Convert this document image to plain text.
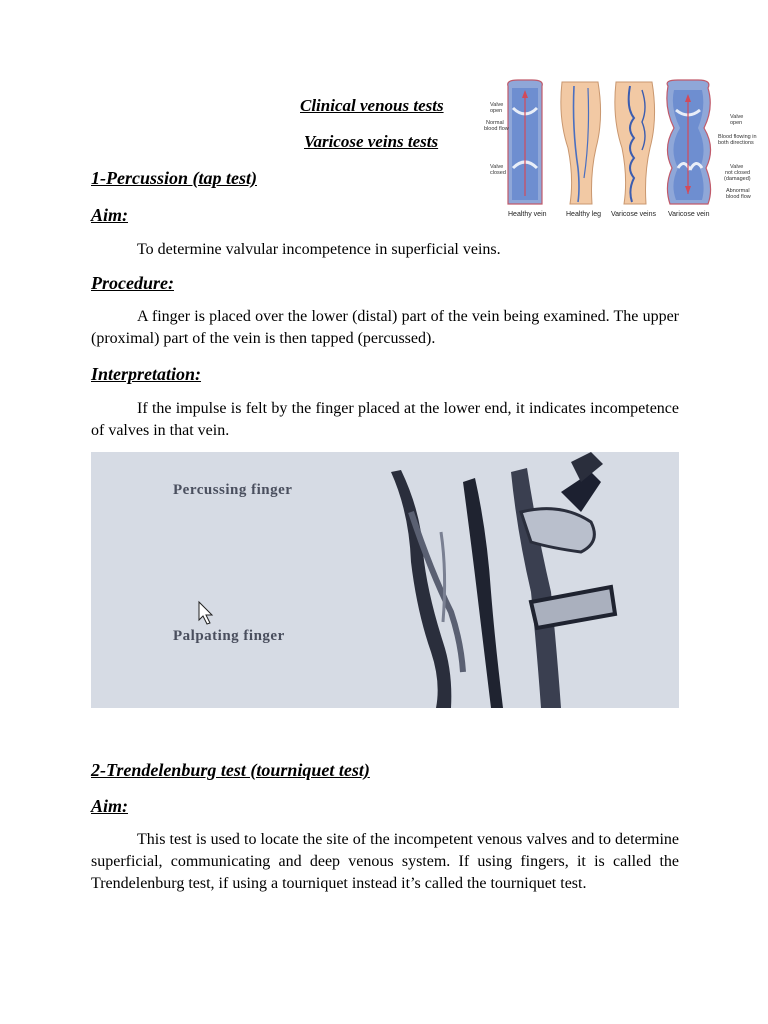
Clinical venous tests
Varicose veins tests
Valve open
Normal blood flow
Valve closed
Valve open
Blood flowing in both directions
Valve not closed (damaged)
Abnormal blood flow
Healthy vein	Healthy leg Varicose veins Varicose vein
1-Percussion (tap test)
Aim:
To determine valvular incompetence in superficial veins.
Procedure:
A finger is placed over the lower (distal) part of the vein being examined. The upper (proximal) part of the vein is then tapped (percussed).
Interpretation:
If the impulse is felt by the finger placed at the lower end, it indicates incompetence of valves in that vein.
Percussing finger
Palpating finger
2-Trendelenburg test (tourniquet test)
Aim:
This test is used to locate the site of the incompetent venous valves and to determine superficial, communicating and deep venous system. If using fingers, it is called the Trendelenburg test, if using a tourniquet instead it’s called the tourniquet test.
